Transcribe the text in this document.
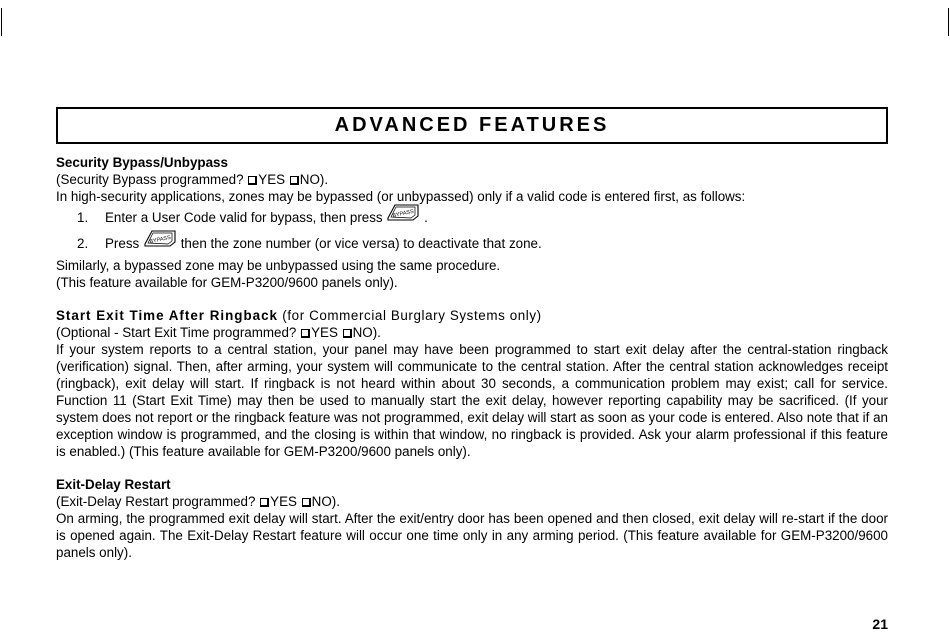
ADVANCED FEATURES

Security Bypass/Unbypass

(Security Bypass programmed? YES NO).

In high-security applications, zones may be bypassed (or unbypassed) only if a valid code is entered first, as follows:

1. Enter a User Code valid for bypass, then press BYPASS .
2. Press BYPASS then the zone number (or vice versa) to deactivate that zone.

Similarly, a bypassed zone may be unbypassed using the same procedure.

(This feature available for GEM-P3200/9600 panels only).

Start Exit Time After Ringback (for Commercial Burglary Systems only)

(Optional - Start Exit Time programmed? YES NO).

If your system reports to a central station, your panel may have been programmed to start exit delay after the central-station ringback (verification) signal. Then, after arming, your system will communicate to the central station. After the central station acknowledges receipt (ringback), exit delay will start. If ringback is not heard within about 30 seconds, a communication problem may exist; call for service. Function 11 (Start Exit Time) may then be used to manually start the exit delay, however reporting capability may be sacrificed. (If your system does not report or the ringback feature was not programmed, exit delay will start as soon as your code is entered. Also note that if an exception window is programmed, and the closing is within that window, no ringback is provided. Ask your alarm professional if this feature is enabled.) (This feature available for GEM-P3200/9600 panels only).

Exit-Delay Restart

(Exit-Delay Restart programmed? YES NO).

On arming, the programmed exit delay will start. After the exit/entry door has been opened and then closed, exit delay will re-start if the door is opened again. The Exit-Delay Restart feature will occur one time only in any arming period. (This feature available for GEM-P3200/9600 panels only).

21
